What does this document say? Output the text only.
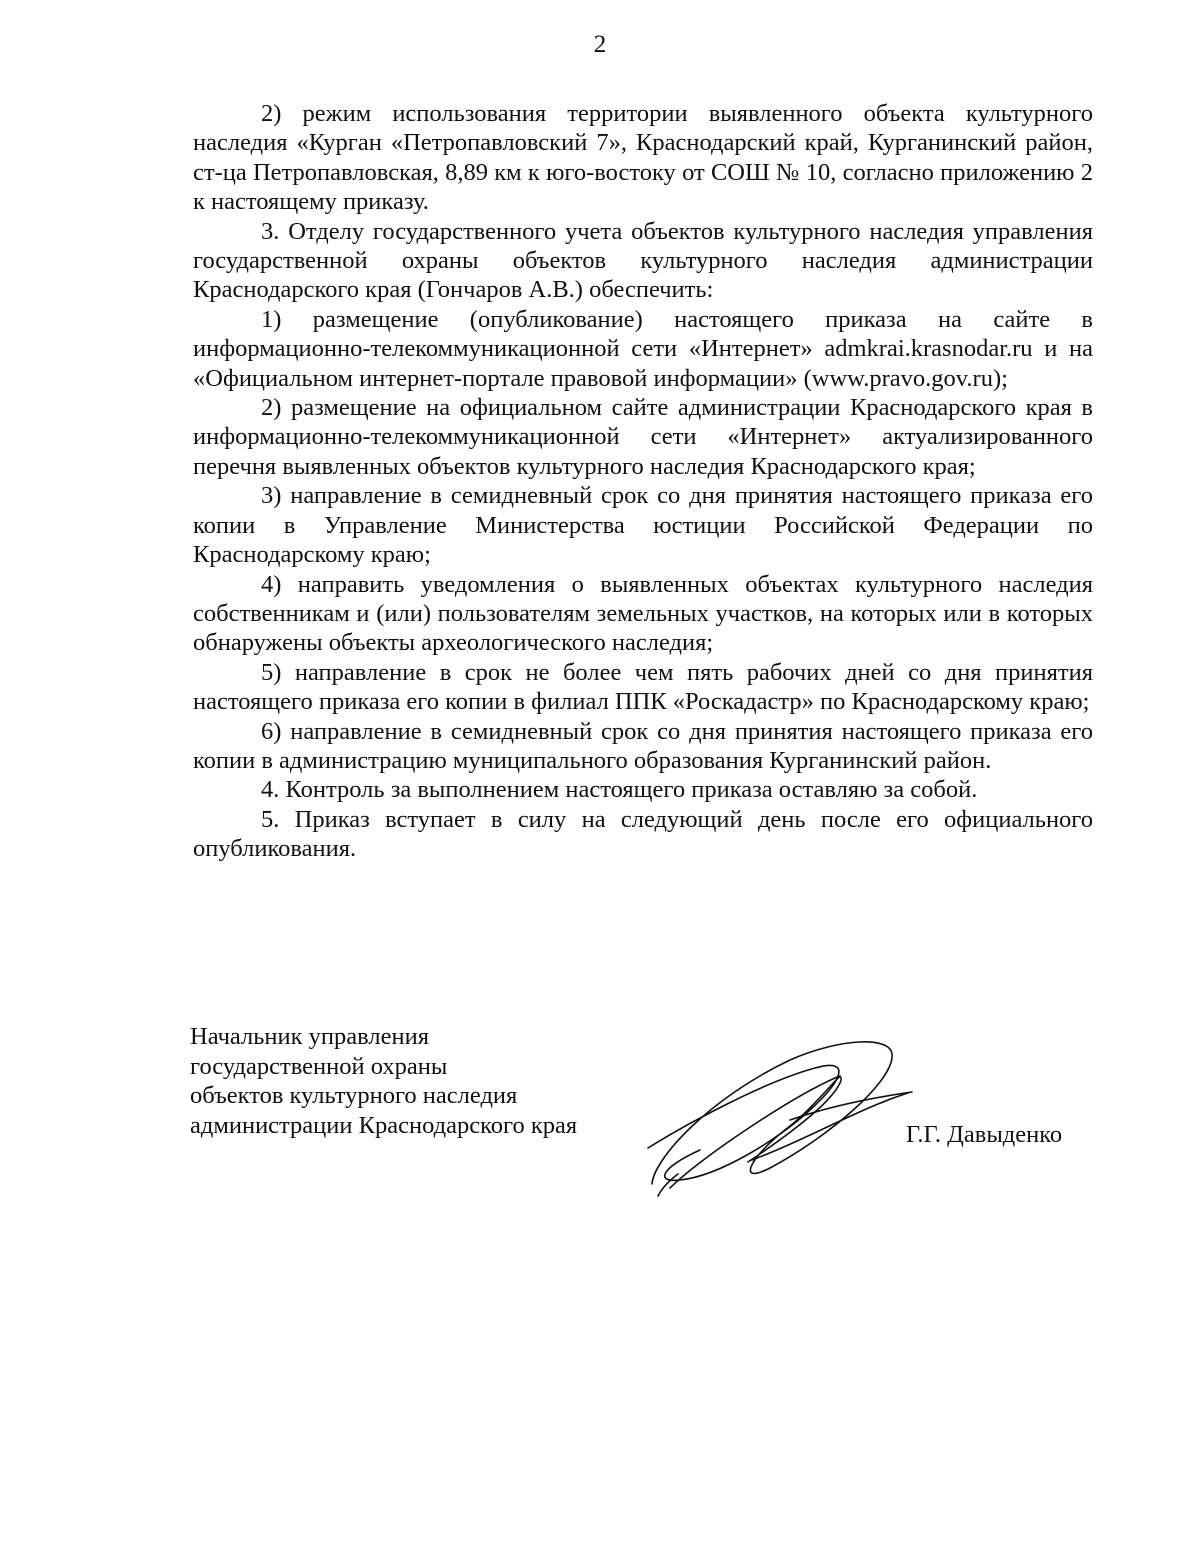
2

2) режим использования территории выявленного объекта культурного наследия «Курган «Петропавловский 7», Краснодарский край, Курганинский район, ст-ца Петропавловская, 8,89 км к юго-востоку от СОШ № 10, согласно приложению 2 к настоящему приказу.

3. Отделу государственного учета объектов культурного наследия управления государственной охраны объектов культурного наследия администрации Краснодарского края (Гончаров А.В.) обеспечить:

1) размещение (опубликование) настоящего приказа на сайте в информационно-телекоммуникационной сети «Интернет» admkrai.krasnodar.ru и на «Официальном интернет-портале правовой информации» (www.pravo.gov.ru);

2) размещение на официальном сайте администрации Краснодарского края в информационно-телекоммуникационной сети «Интернет» актуализированного перечня выявленных объектов культурного наследия Краснодарского края;

3) направление в семидневный срок со дня принятия настоящего приказа его копии в Управление Министерства юстиции Российской Федерации по Краснодарскому краю;

4) направить уведомления о выявленных объектах культурного наследия собственникам и (или) пользователям земельных участков, на которых или в которых обнаружены объекты археологического наследия;

5) направление в срок не более чем пять рабочих дней со дня принятия настоящего приказа его копии в филиал ППК «Роскадастр» по Краснодарскому краю;

6) направление в семидневный срок со дня принятия настоящего приказа его копии в администрацию муниципального образования Курганинский район.

4. Контроль за выполнением настоящего приказа оставляю за собой.

5. Приказ вступает в силу на следующий день после его официального опубликования.

Начальник управления
государственной охраны
объектов культурного наследия
администрации Краснодарского края	Г.Г. Давыденко
